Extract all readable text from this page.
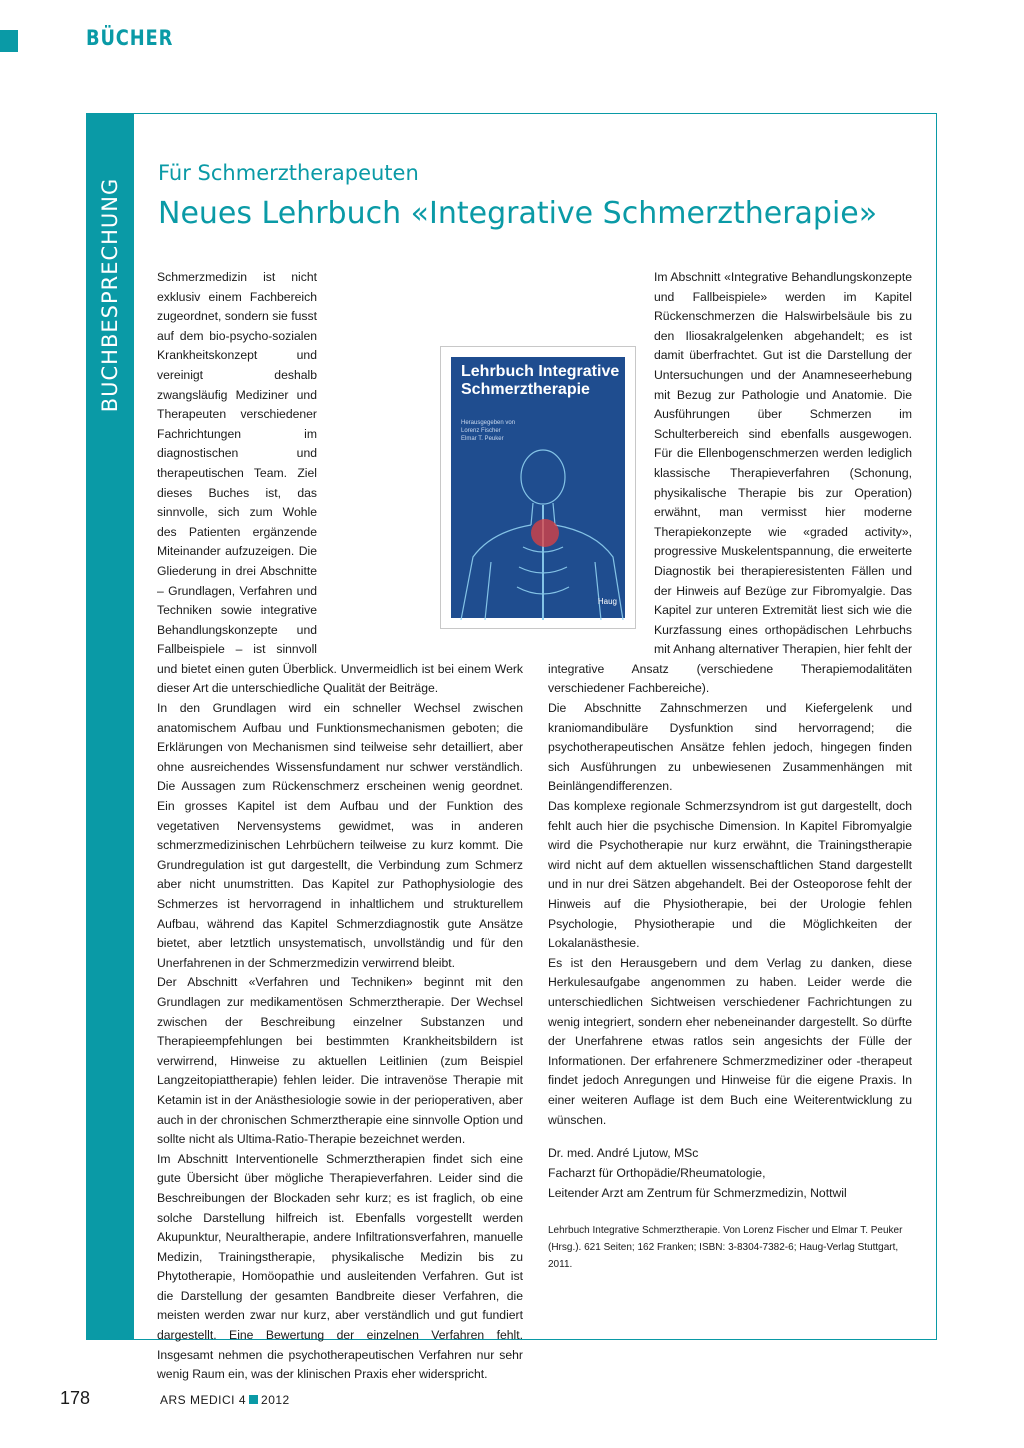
BÜCHER
BUCHBESPRECHUNG
Für Schmerztherapeuten
Neues Lehrbuch «Integrative Schmerztherapie»

Schmerzmedizin ist nicht exklusiv einem Fachbereich zugeordnet, sondern sie fusst auf dem bio-psycho-sozialen Krankheitskonzept und vereinigt deshalb zwangsläufig Mediziner und Therapeuten verschiedener Fachrichtungen im diagnostischen und therapeutischen Team. Ziel dieses Buches ist, das sinnvolle, sich zum Wohle des Patienten ergänzende Miteinander aufzuzeigen. Die Gliederung in drei Abschnitte – Grundlagen, Verfahren und Techniken sowie integrative Behandlungskonzepte und Fallbeispiele – ist sinnvoll und bietet einen guten Überblick. Unvermeidlich ist bei einem Werk dieser Art die unterschiedliche Qualität der Beiträge.

In den Grundlagen wird ein schneller Wechsel zwischen anatomischem Aufbau und Funktionsmechanismen geboten; die Erklärungen von Mechanismen sind teilweise sehr detailliert, aber ohne ausreichendes Wissensfundament nur schwer verständlich. Die Aussagen zum Rückenschmerz erscheinen wenig geordnet. Ein grosses Kapitel ist dem Aufbau und der Funktion des vegetativen Nervensystems gewidmet, was in anderen schmerzmedizinischen Lehrbüchern teilweise zu kurz kommt. Die Grundregulation ist gut dargestellt, die Verbindung zum Schmerz aber nicht unumstritten. Das Kapitel zur Pathophysiologie des Schmerzes ist hervorragend in inhaltlichem und strukturellem Aufbau, während das Kapitel Schmerzdiagnostik gute Ansätze bietet, aber letztlich unsystematisch, unvollständig und für den Unerfahrenen in der Schmerzmedizin verwirrend bleibt.

Der Abschnitt «Verfahren und Techniken» beginnt mit den Grundlagen zur medikamentösen Schmerztherapie. Der Wechsel zwischen der Beschreibung einzelner Substanzen und Therapieempfehlungen bei bestimmten Krankheitsbildern ist verwirrend, Hinweise zu aktuellen Leitlinien (zum Beispiel Langzeitopiattherapie) fehlen leider. Die intravenöse Therapie mit Ketamin ist in der Anästhesiologie sowie in der perioperativen, aber auch in der chronischen Schmerztherapie eine sinnvolle Option und sollte nicht als Ultima-Ratio-Therapie bezeichnet werden.

Im Abschnitt Interventionelle Schmerztherapien findet sich eine gute Übersicht über mögliche Therapieverfahren. Leider sind die Beschreibungen der Blockaden sehr kurz; es ist fraglich, ob eine solche Darstellung hilfreich ist. Ebenfalls vorgestellt werden Akupunktur, Neuraltherapie, andere Infiltrationsverfahren, manuelle Medizin, Trainingstherapie, physikalische Medizin bis zu Phytotherapie, Homöopathie und ausleitenden Verfahren. Gut ist die Darstellung der gesamten Bandbreite dieser Verfahren, die meisten werden zwar nur kurz, aber verständlich und gut fundiert dargestellt. Eine Bewertung der einzelnen Verfahren fehlt. Insgesamt nehmen die psychotherapeutischen Verfahren nur sehr wenig Raum ein, was der klinischen Praxis eher widerspricht.

Im Abschnitt «Integrative Behandlungskonzepte und Fallbeispiele» werden im Kapitel Rückenschmerzen die Halswirbelsäule bis zu den Iliosakralgelenken abgehandelt; es ist damit überfrachtet. Gut ist die Darstellung der Untersuchungen und der Anamneseerhebung mit Bezug zur Pathologie und Anatomie. Die Ausführungen über Schmerzen im Schulterbereich sind ebenfalls ausgewogen. Für die Ellenbogenschmerzen werden lediglich klassische Therapieverfahren (Schonung, physikalische Therapie bis zur Operation) erwähnt, man vermisst hier moderne Therapiekonzepte wie «graded activity», progressive Muskelentspannung, die erweiterte Diagnostik bei therapieresistenten Fällen und der Hinweis auf Bezüge zur Fibromyalgie. Das Kapitel zur unteren Extremität liest sich wie die Kurzfassung eines orthopädischen Lehrbuchs mit Anhang alternativer Therapien, hier fehlt der integrative Ansatz (verschiedene Therapiemodalitäten verschiedener Fachbereiche).

Die Abschnitte Zahnschmerzen und Kiefergelenk und kraniomandibuläre Dysfunktion sind hervorragend; die psychotherapeutischen Ansätze fehlen jedoch, hingegen finden sich Ausführungen zu unbewiesenen Zusammenhängen mit Beinlängendifferenzen.

Das komplexe regionale Schmerzsyndrom ist gut dargestellt, doch fehlt auch hier die psychische Dimension. In Kapitel Fibromyalgie wird die Psychotherapie nur kurz erwähnt, die Trainingstherapie wird nicht auf dem aktuellen wissenschaftlichen Stand dargestellt und in nur drei Sätzen abgehandelt. Bei der Osteoporose fehlt der Hinweis auf die Physiotherapie, bei der Urologie fehlen Psychologie, Physiotherapie und die Möglichkeiten der Lokalanästhesie.

Es ist den Herausgebern und dem Verlag zu danken, diese Herkulesaufgabe angenommen zu haben. Leider werde die unterschiedlichen Sichtweisen verschiedener Fachrichtungen zu wenig integriert, sondern eher nebeneinander dargestellt. So dürfte der Unerfahrene etwas ratlos sein angesichts der Fülle der Informationen. Der erfahrenere Schmerzmediziner oder -therapeut findet jedoch Anregungen und Hinweise für die eigene Praxis. In einer weiteren Auflage ist dem Buch eine Weiterentwicklung zu wünschen.

Lehrbuch Integrative
Schmerztherapie
Herausgegeben von
Lorenz Fischer
Elmar T. Peuker
Haug
Dr. med. André Ljutow, MSc
Facharzt für Orthopädie/Rheumatologie,
Leitender Arzt am Zentrum für Schmerzmedizin, Nottwil
Lehrbuch Integrative Schmerztherapie. Von Lorenz Fischer und Elmar T. Peuker (Hrsg.). 621 Seiten; 162 Franken; ISBN: 3-8304-7382-6; Haug-Verlag Stuttgart, 2011.
178	ARS MEDICI 4 2012
